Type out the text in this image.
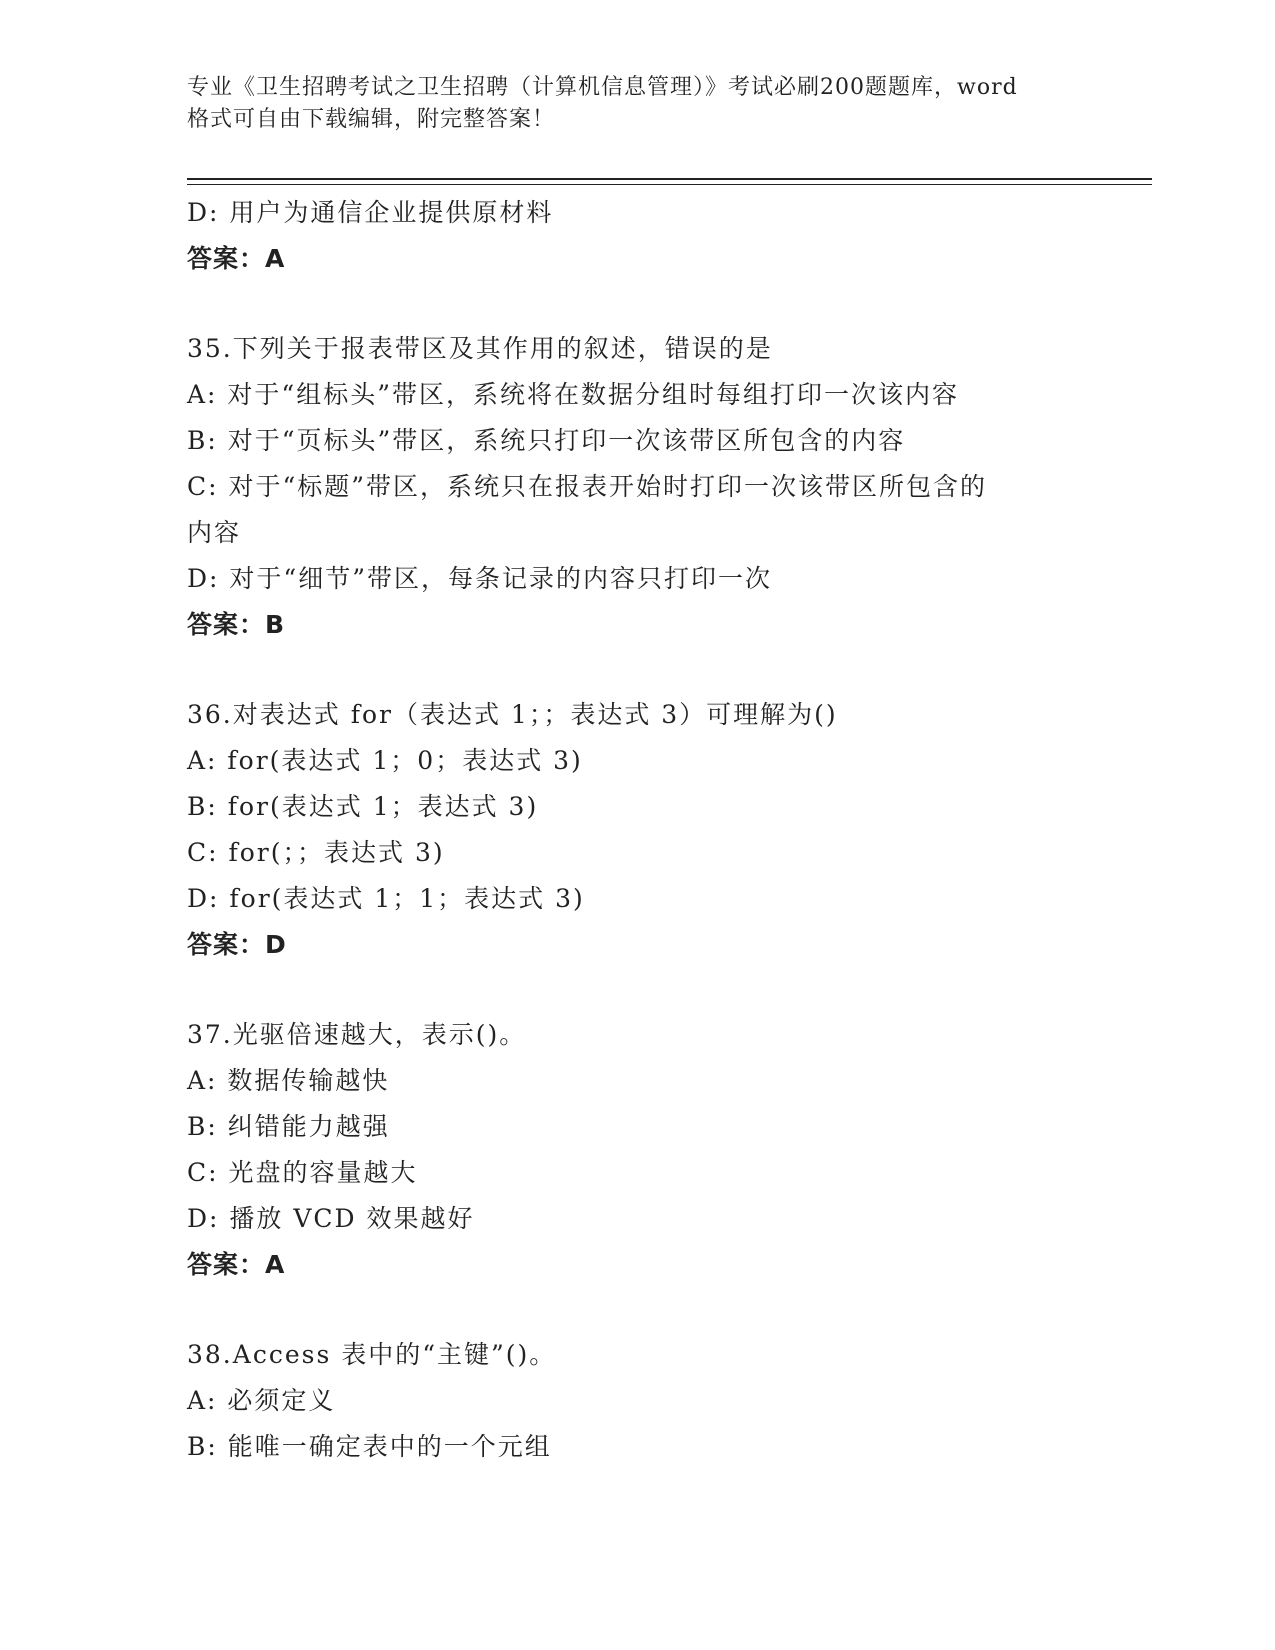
专业《卫生招聘考试之卫生招聘（计算机信息管理）》考试必刷200题题库，word
格式可自由下载编辑，附完整答案！
D: 用户为通信企业提供原材料
答案：A
35.下列关于报表带区及其作用的叙述，错误的是
A: 对于“组标头”带区，系统将在数据分组时每组打印一次该内容
B: 对于“页标头”带区，系统只打印一次该带区所包含的内容
C: 对于“标题”带区，系统只在报表开始时打印一次该带区所包含的
内容
D: 对于“细节”带区，每条记录的内容只打印一次
答案：B
36.对表达式 for（表达式 1；；表达式 3）可理解为()
A: for(表达式 1；0；表达式 3)
B: for(表达式 1；表达式 3)
C: for(；；表达式 3)
D: for(表达式 1；1；表达式 3)
答案：D
37.光驱倍速越大，表示()。
A: 数据传输越快
B: 纠错能力越强
C: 光盘的容量越大
D: 播放 VCD 效果越好
答案：A
38.Access 表中的“主键”()。
A: 必须定义
B: 能唯一确定表中的一个元组
